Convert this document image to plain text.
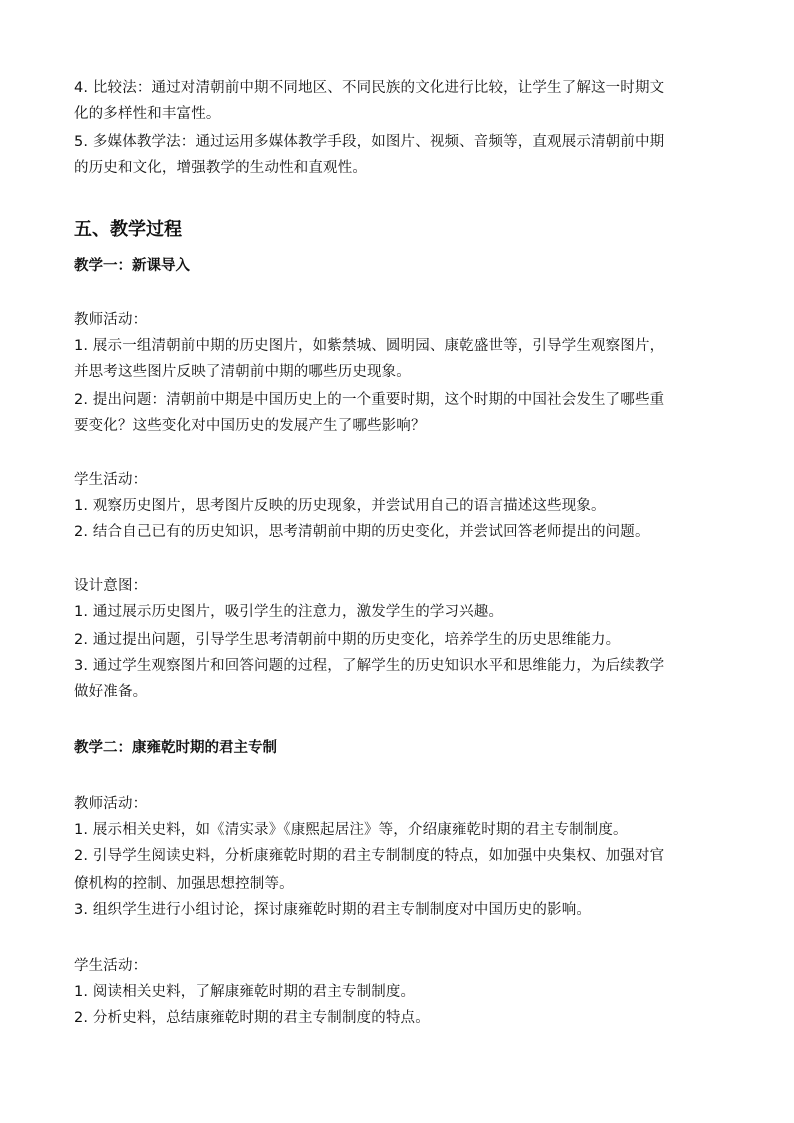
4. 比较法：通过对清朝前中期不同地区、不同民族的文化进行比较，让学生了解这一时期文
化的多样性和丰富性。
5. 多媒体教学法：通过运用多媒体教学手段，如图片、视频、音频等，直观展示清朝前中期
的历史和文化，增强教学的生动性和直观性。
五、教学过程
教学一：新课导入
教师活动：
1. 展示一组清朝前中期的历史图片，如紫禁城、圆明园、康乾盛世等，引导学生观察图片，
并思考这些图片反映了清朝前中期的哪些历史现象。
2. 提出问题：清朝前中期是中国历史上的一个重要时期，这个时期的中国社会发生了哪些重
要变化？这些变化对中国历史的发展产生了哪些影响？
学生活动：
1. 观察历史图片，思考图片反映的历史现象，并尝试用自己的语言描述这些现象。
2. 结合自己已有的历史知识，思考清朝前中期的历史变化，并尝试回答老师提出的问题。
设计意图：
1. 通过展示历史图片，吸引学生的注意力，激发学生的学习兴趣。
2. 通过提出问题，引导学生思考清朝前中期的历史变化，培养学生的历史思维能力。
3. 通过学生观察图片和回答问题的过程，了解学生的历史知识水平和思维能力，为后续教学
做好准备。
教学二：康雍乾时期的君主专制
教师活动：
1. 展示相关史料，如《清实录》《康熙起居注》等，介绍康雍乾时期的君主专制制度。
2. 引导学生阅读史料，分析康雍乾时期的君主专制制度的特点，如加强中央集权、加强对官
僚机构的控制、加强思想控制等。
3. 组织学生进行小组讨论，探讨康雍乾时期的君主专制制度对中国历史的影响。
学生活动：
1. 阅读相关史料，了解康雍乾时期的君主专制制度。
2. 分析史料，总结康雍乾时期的君主专制制度的特点。
